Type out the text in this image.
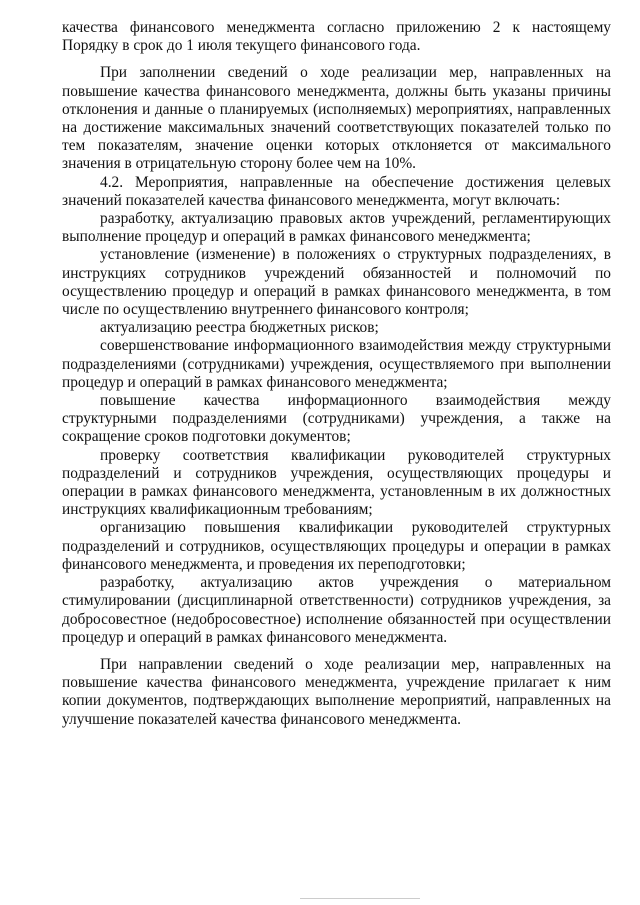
качества финансового менеджмента согласно приложению 2 к настоящему Порядку в срок до 1 июля текущего финансового года.

При заполнении сведений о ходе реализации мер, направленных на повышение качества финансового менеджмента, должны быть указаны причины отклонения и данные о планируемых (исполняемых) мероприятиях, направленных на достижение максимальных значений соответствующих показателей только по тем показателям, значение оценки которых отклоняется от максимального значения в отрицательную сторону более чем на 10%.

4.2. Мероприятия, направленные на обеспечение достижения целевых значений показателей качества финансового менеджмента, могут включать:

разработку, актуализацию правовых актов учреждений, регламентирующих выполнение процедур и операций в рамках финансового менеджмента;

установление (изменение) в положениях о структурных подразделениях, в инструкциях сотрудников учреждений обязанностей и полномочий по осуществлению процедур и операций в рамках финансового менеджмента, в том числе по осуществлению внутреннего финансового контроля;

актуализацию реестра бюджетных рисков;

совершенствование информационного взаимодействия между структурными подразделениями (сотрудниками) учреждения, осуществляемого при выполнении процедур и операций в рамках финансового менеджмента;

повышение качества информационного взаимодействия между структурными подразделениями (сотрудниками) учреждения, а также на сокращение сроков подготовки документов;

проверку соответствия квалификации руководителей структурных подразделений и сотрудников учреждения, осуществляющих процедуры и операции в рамках финансового менеджмента, установленным в их должностных инструкциях квалификационным требованиям;

организацию повышения квалификации руководителей структурных подразделений и сотрудников, осуществляющих процедуры и операции в рамках финансового менеджмента, и проведения их переподготовки;

разработку, актуализацию актов учреждения о материальном стимулировании (дисциплинарной ответственности) сотрудников учреждения, за добросовестное (недобросовестное) исполнение обязанностей при осуществлении процедур и операций в рамках финансового менеджмента.

При направлении сведений о ходе реализации мер, направленных на повышение качества финансового менеджмента, учреждение прилагает к ним копии документов, подтверждающих выполнение мероприятий, направленных на улучшение показателей качества финансового менеджмента.
